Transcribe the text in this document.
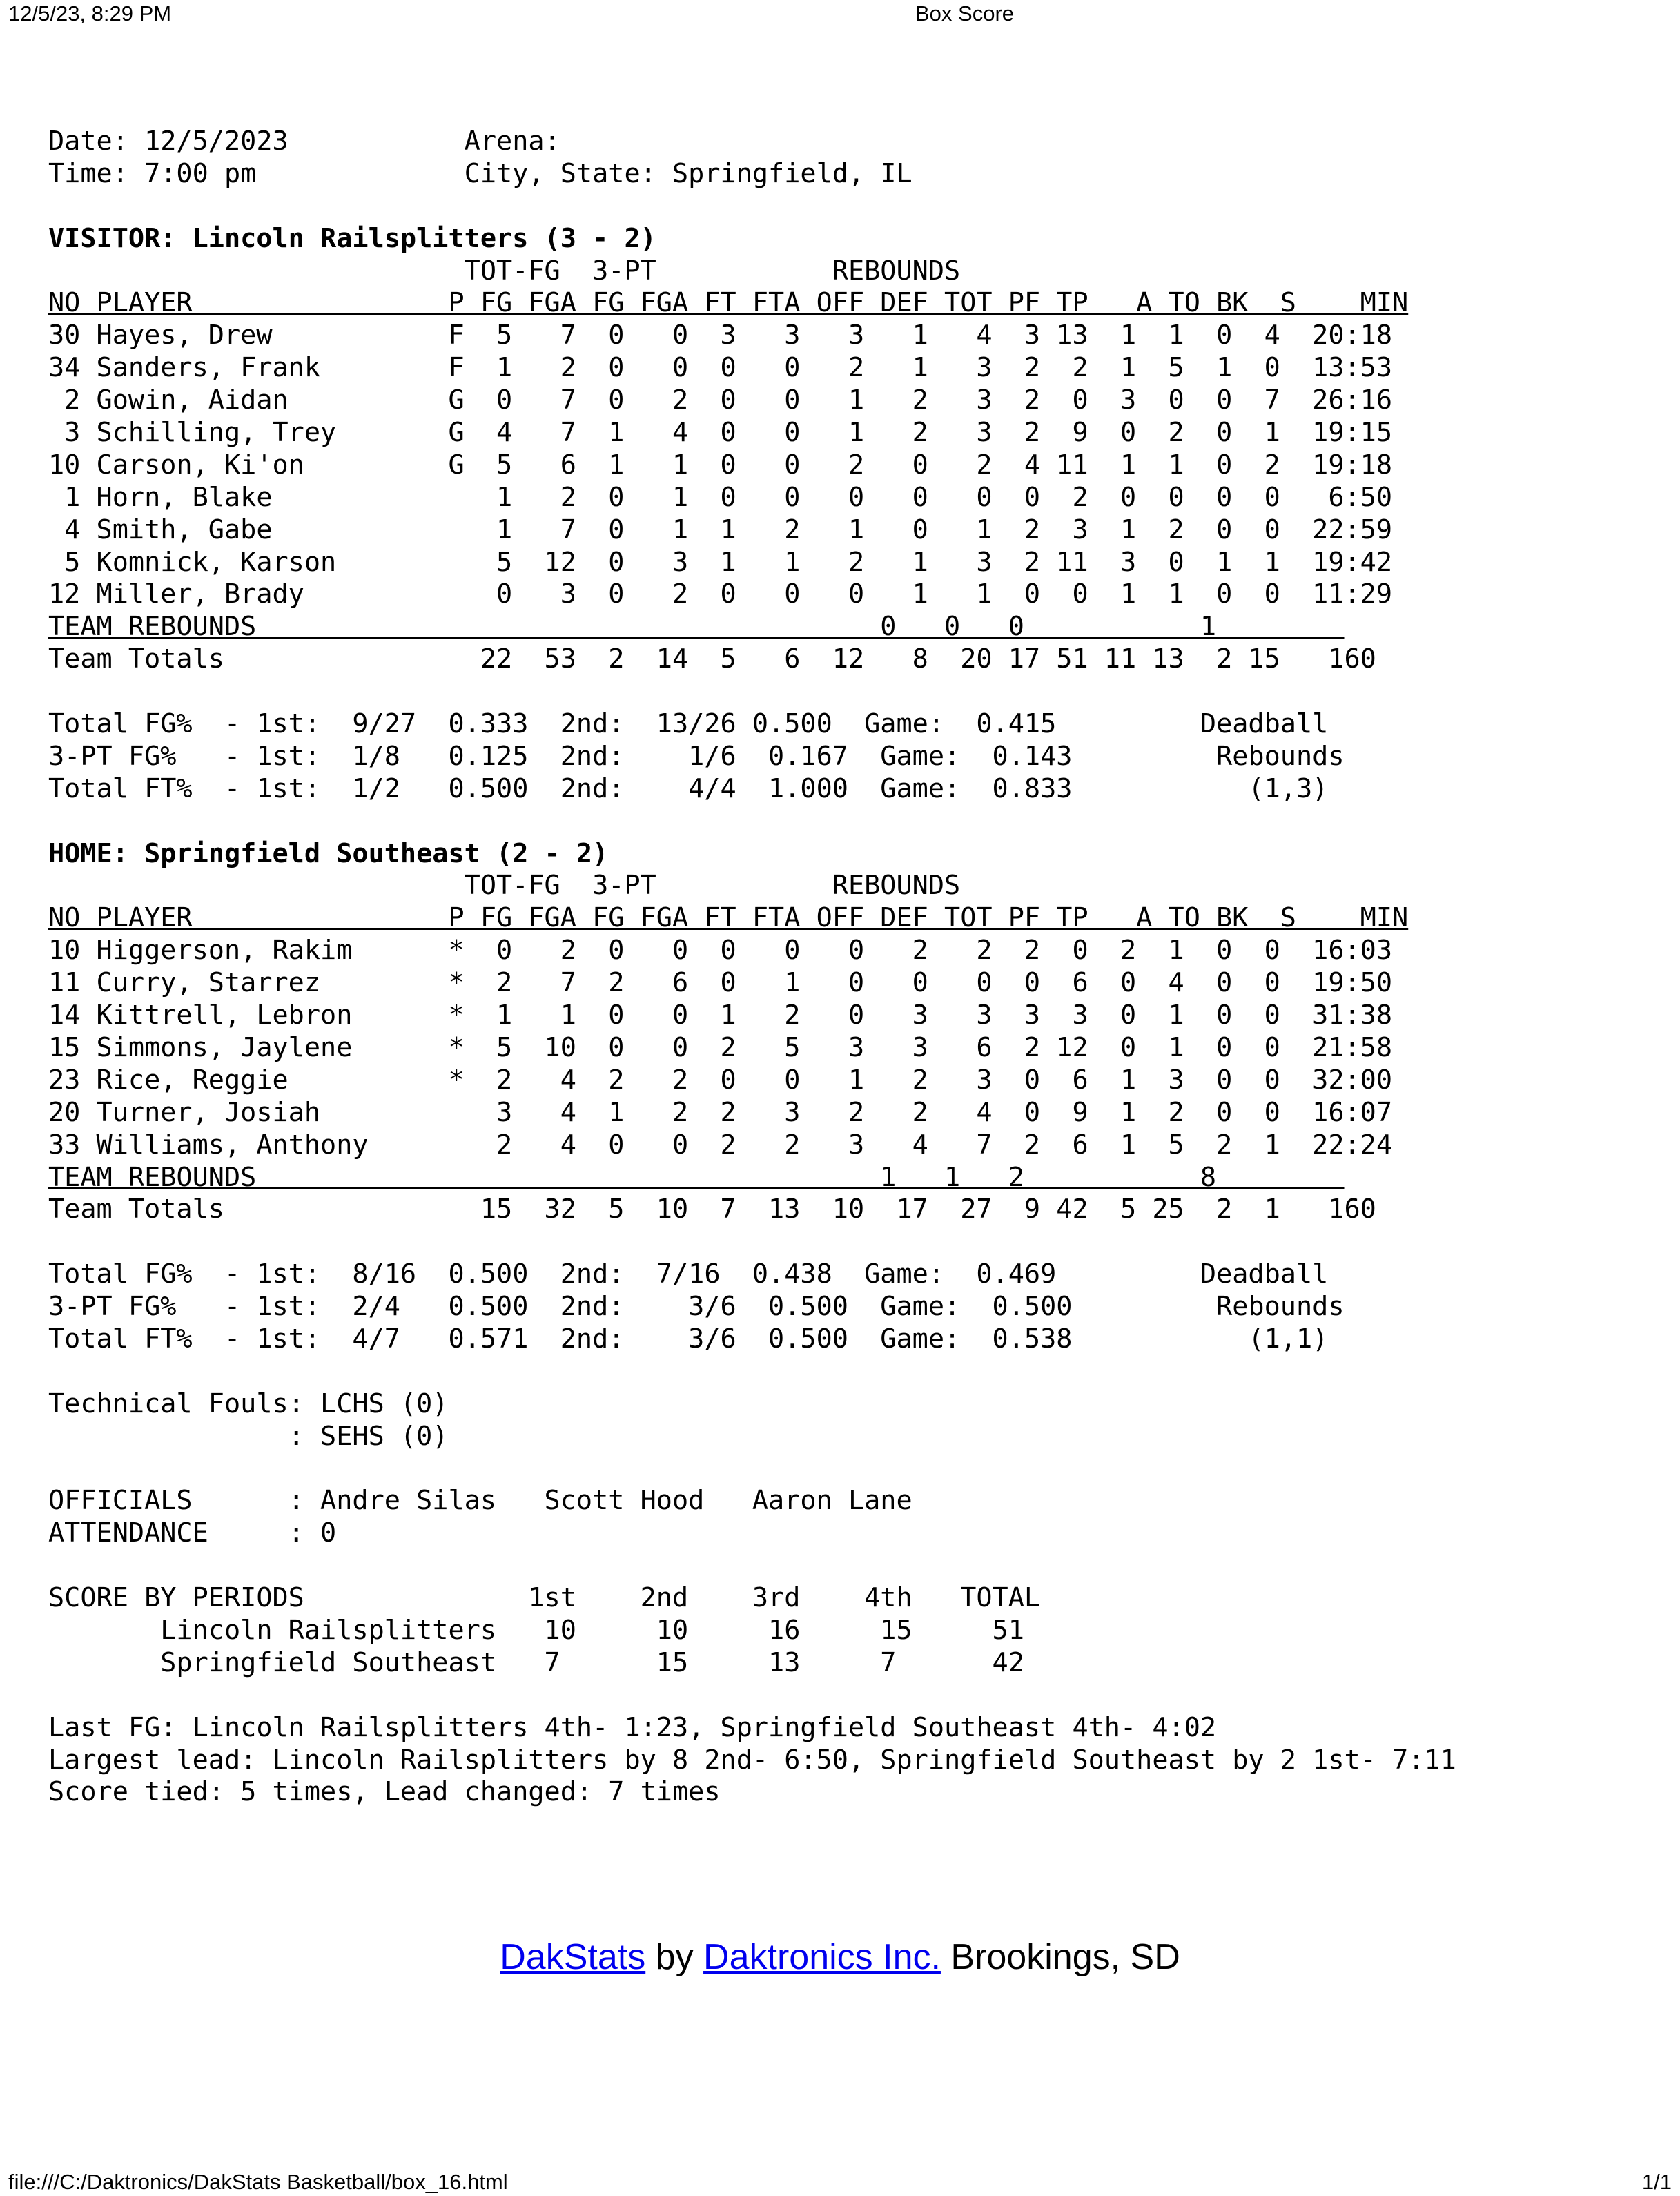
12/5/23, 8:29 PM	Box Score
Date: 12/5/2023           Arena:
Time: 7:00 pm             City, State: Springfield, IL
VISITOR: Lincoln Railsplitters (3 - 2)
TOT-FG  3-PT           REBOUNDS
NO PLAYER                P FG FGA FG FGA FT FTA OFF DEF TOT PF TP   A TO BK  S    MIN
30 Hayes, Drew           F  5   7  0   0  3   3   3   1   4  3 13  1  1  0  4  20:18
34 Sanders, Frank        F  1   2  0   0  0   0   2   1   3  2  2  1  5  1  0  13:53
2 Gowin, Aidan          G  0   7  0   2  0   0   1   2   3  2  0  3  0  0  7  26:16
3 Schilling, Trey       G  4   7  1   4  0   0   1   2   3  2  9  0  2  0  1  19:15
10 Carson, Ki'on         G  5   6  1   1  0   0   2   0   2  4 11  1  1  0  2  19:18
1 Horn, Blake              1   2  0   1  0   0   0   0   0  0  2  0  0  0  0   6:50
4 Smith, Gabe              1   7  0   1  1   2   1   0   1  2  3  1  2  0  0  22:59
5 Komnick, Karson          5  12  0   3  1   1   2   1   3  2 11  3  0  1  1  19:42
12 Miller, Brady            0   3  0   2  0   0   0   1   1  0  0  1  1  0  0  11:29
TEAM REBOUNDS                                       0   0   0           1
Team Totals                22  53  2  14  5   6  12   8  20 17 51 11 13  2 15   160
Total FG%  - 1st:  9/27  0.333  2nd:  13/26 0.500  Game:  0.415         Deadball
3-PT FG%   - 1st:  1/8   0.125  2nd:    1/6  0.167  Game:  0.143         Rebounds
Total FT%  - 1st:  1/2   0.500  2nd:    4/4  1.000  Game:  0.833           (1,3)
HOME: Springfield Southeast (2 - 2)
TOT-FG  3-PT           REBOUNDS
NO PLAYER                P FG FGA FG FGA FT FTA OFF DEF TOT PF TP   A TO BK  S    MIN
10 Higgerson, Rakim      *  0   2  0   0  0   0   0   2   2  2  0  2  1  0  0  16:03
11 Curry, Starrez        *  2   7  2   6  0   1   0   0   0  0  6  0  4  0  0  19:50
14 Kittrell, Lebron      *  1   1  0   0  1   2   0   3   3  3  3  0  1  0  0  31:38
15 Simmons, Jaylene      *  5  10  0   0  2   5   3   3   6  2 12  0  1  0  0  21:58
23 Rice, Reggie          *  2   4  2   2  0   0   1   2   3  0  6  1  3  0  0  32:00
20 Turner, Josiah           3   4  1   2  2   3   2   2   4  0  9  1  2  0  0  16:07
33 Williams, Anthony        2   4  0   0  2   2   3   4   7  2  6  1  5  2  1  22:24
TEAM REBOUNDS                                       1   1   2           8
Team Totals                15  32  5  10  7  13  10  17  27  9 42  5 25  2  1   160
Total FG%  - 1st:  8/16  0.500  2nd:  7/16  0.438  Game:  0.469         Deadball
3-PT FG%   - 1st:  2/4   0.500  2nd:    3/6  0.500  Game:  0.500         Rebounds
Total FT%  - 1st:  4/7   0.571  2nd:    3/6  0.500  Game:  0.538           (1,1)
Technical Fouls: LCHS (0)
: SEHS (0)
OFFICIALS      : Andre Silas   Scott Hood   Aaron Lane
ATTENDANCE     : 0
SCORE BY PERIODS              1st    2nd    3rd    4th   TOTAL
Lincoln Railsplitters   10     10     16     15     51
Springfield Southeast   7      15     13     7      42
Last FG: Lincoln Railsplitters 4th- 1:23, Springfield Southeast 4th- 4:02
Largest lead: Lincoln Railsplitters by 8 2nd- 6:50, Springfield Southeast by 2 1st- 7:11
Score tied: 5 times, Lead changed: 7 times
DakStats by Daktronics Inc. Brookings, SD
file:///C:/Daktronics/DakStats Basketball/box_16.html	1/1
